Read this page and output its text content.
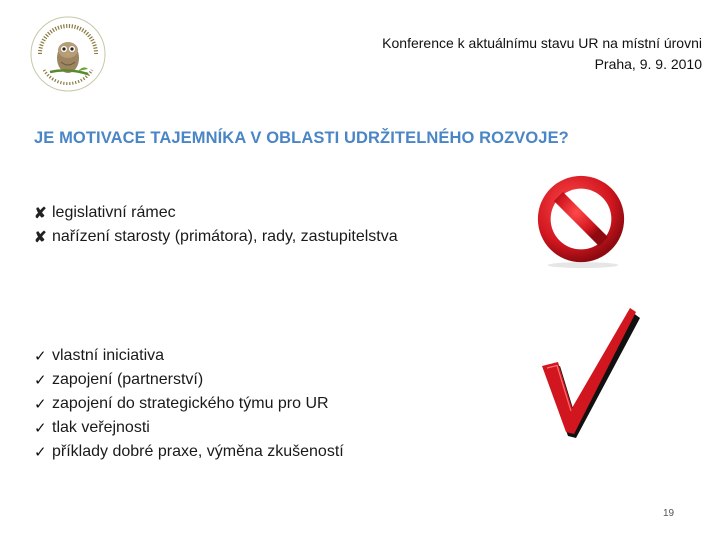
Konference k aktuálnímu stavu UR na místní úrovni
Praha, 9. 9. 2010
JE MOTIVACE TAJEMNÍKA V OBLASTI UDRŽITELNÉHO ROZVOJE?
✘ legislativní rámec
✘ nařízení starosty (primátora), rady, zastupitelstva
✓ vlastní iniciativa
✓ zapojení (partnerství)
✓ zapojení do strategického týmu pro UR
✓ tlak veřejnosti
✓ příklady dobré praxe, výměna zkušeností
19
